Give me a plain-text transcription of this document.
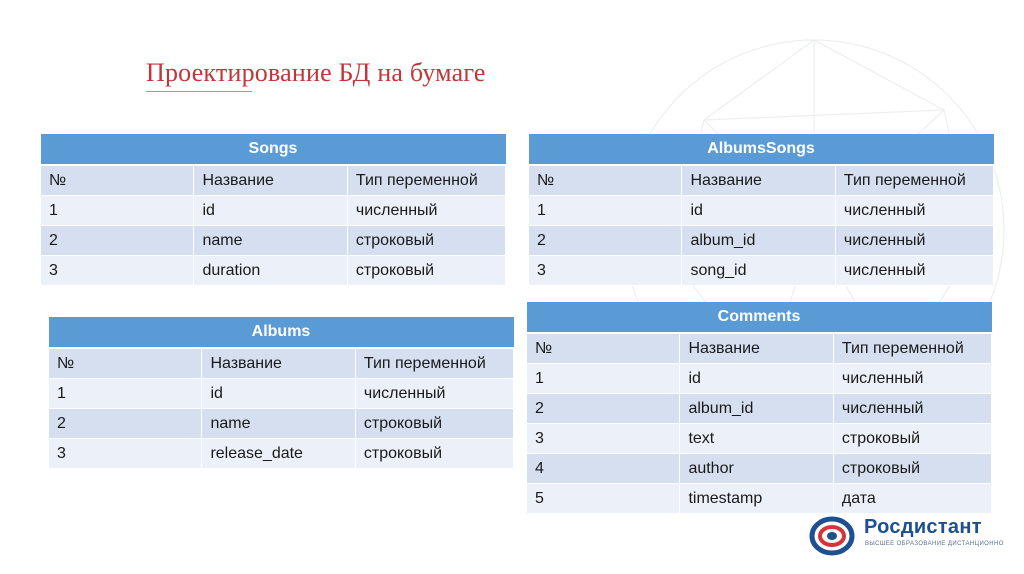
Проектирование БД на бумаге
Songs		
№	Название	Тип переменной
1	id	численный
2	name	строковый
3	duration	строковый
AlbumsSongs		
№	Название	Тип переменной
1	id	численный
2	album_id	численный
3	song_id	численный
Albums		
№	Название	Тип переменной
1	id	численный
2	name	строковый
3	release_date	строковый
Comments		
№	Название	Тип переменной
1	id	численный
2	album_id	численный
3	text	строковый
4	author	строковый
5	timestamp	дата
Росдистант
ВЫСШЕЕ ОБРАЗОВАНИЕ ДИСТАНЦИОННО
